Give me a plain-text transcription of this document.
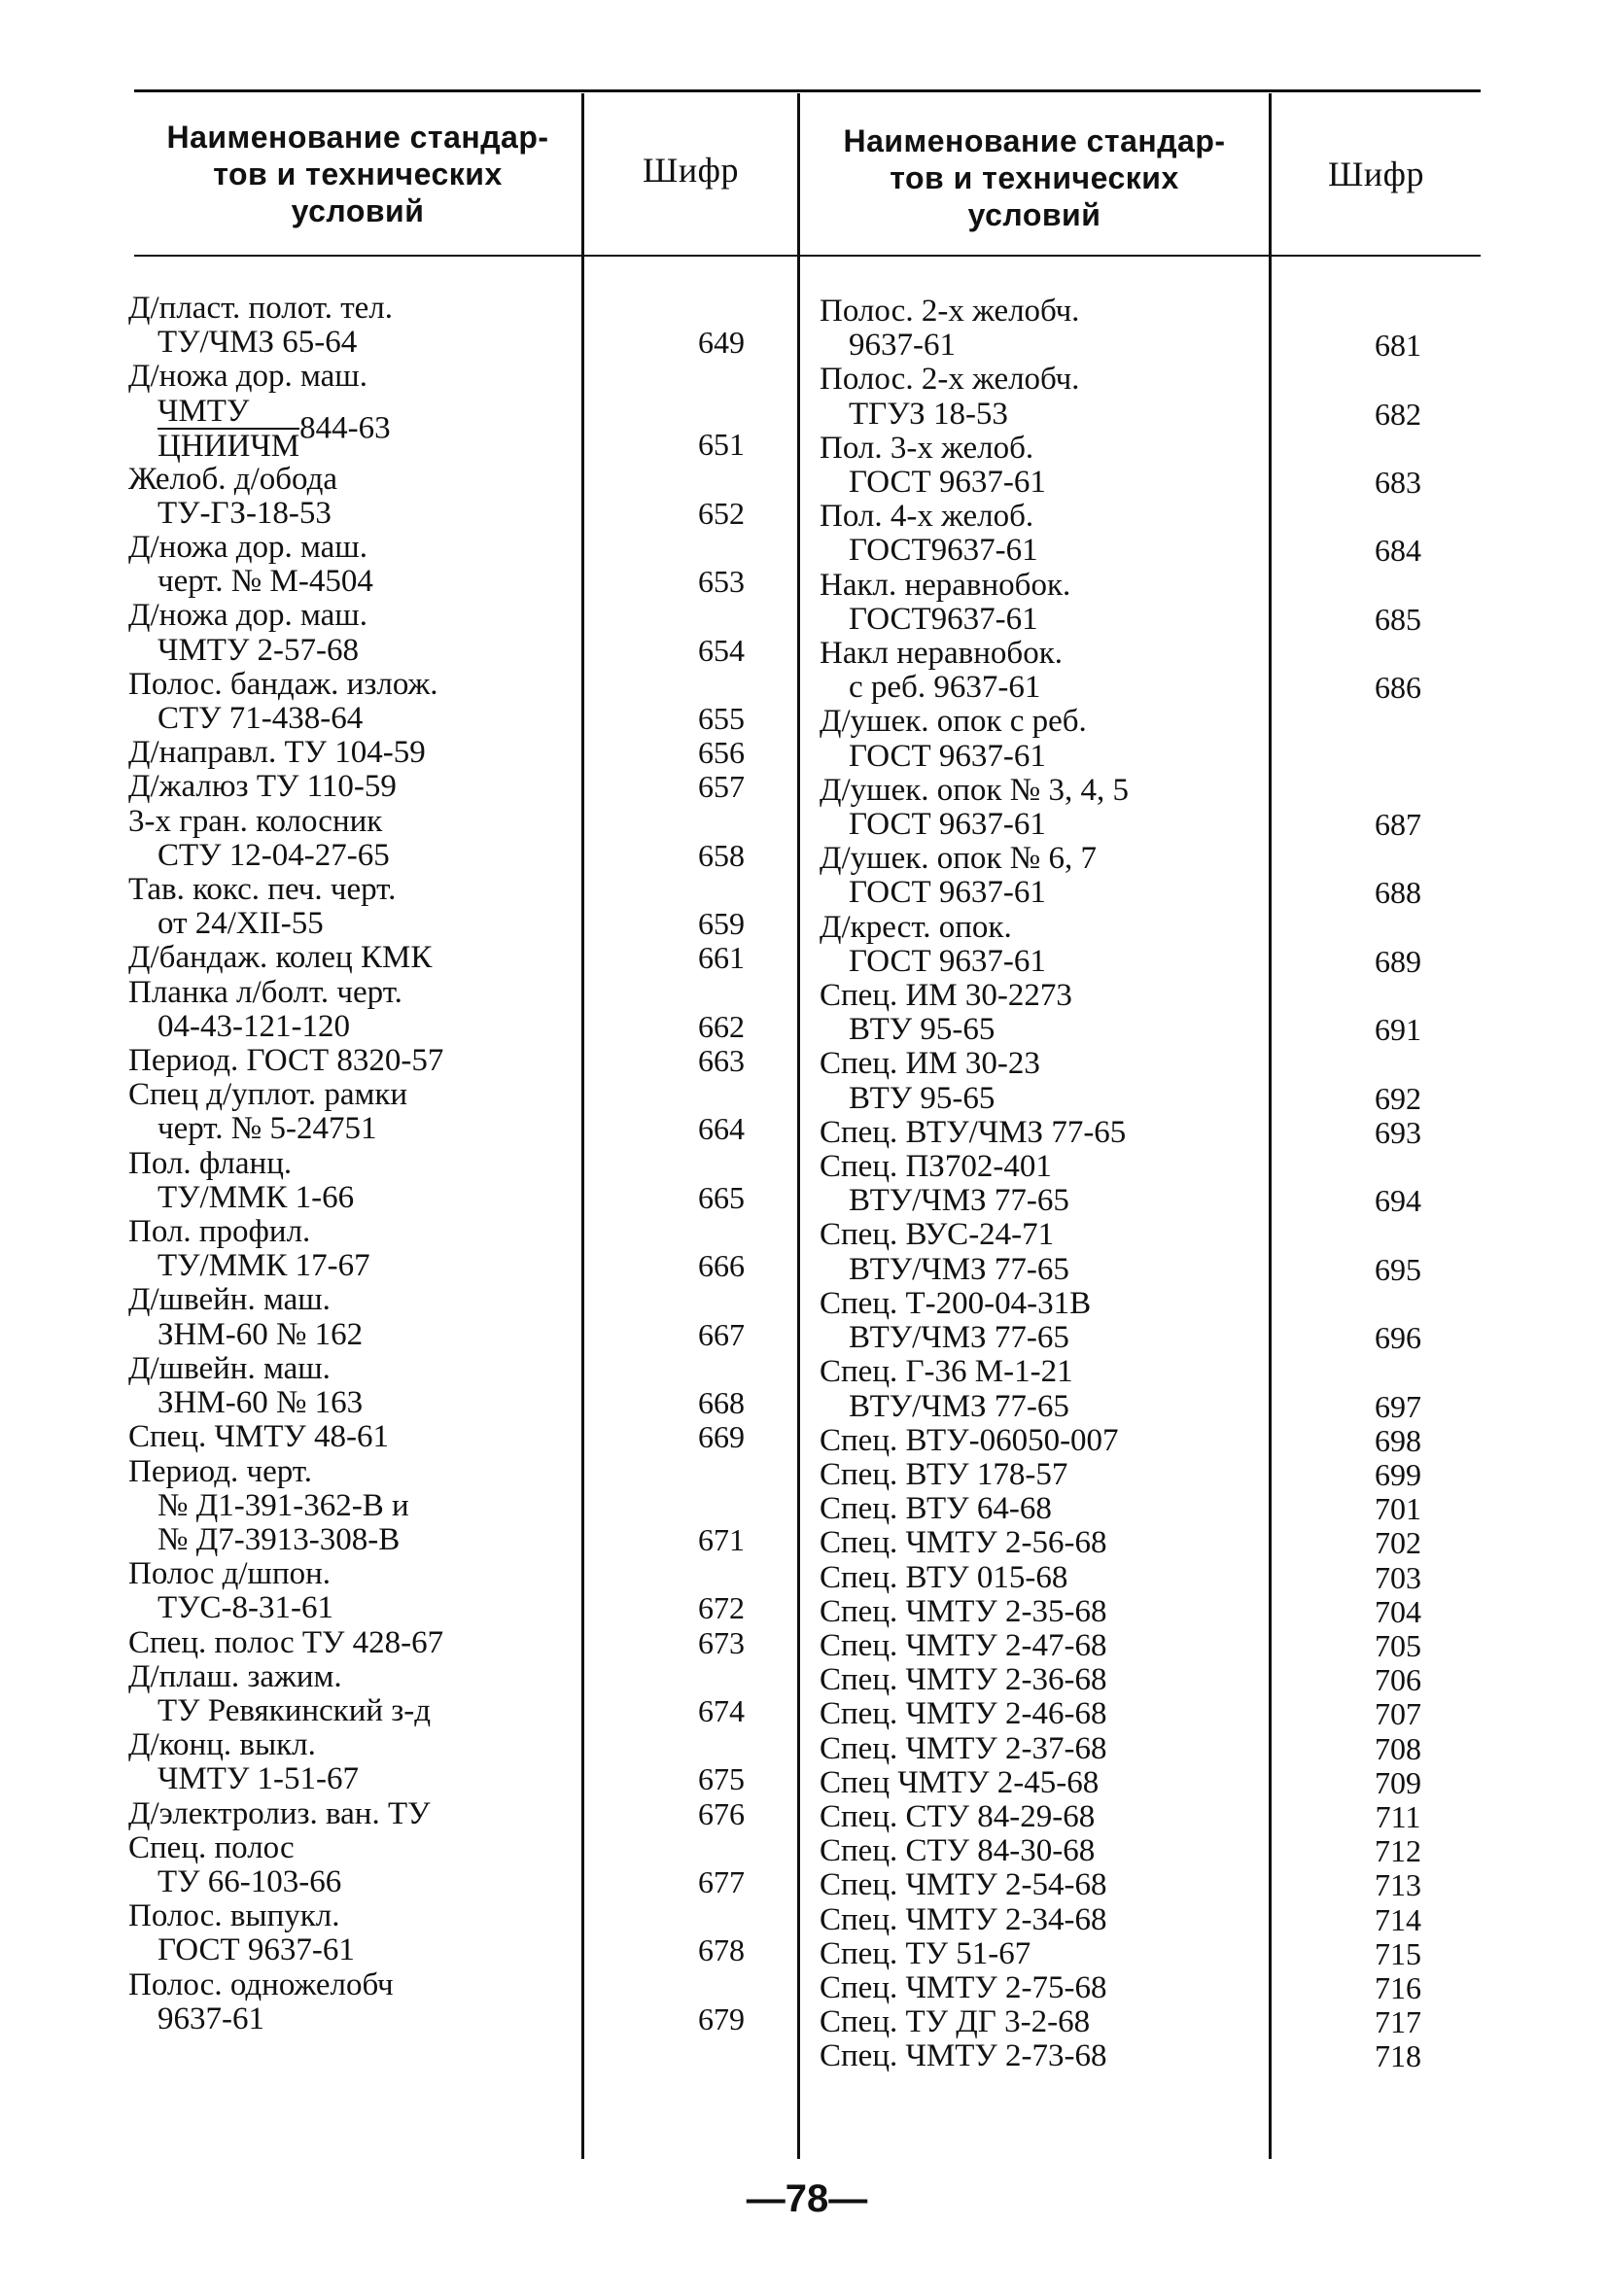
Наименование стандар-
тов и технических
условий
Шифр
Наименование стандар-
тов и технических
условий
Шифр
Д/пласт. полот. тел.
ТУ/ЧМЗ 65-64	649
Д/ножа дор. маш.
$\frac{\text{ЧМТУ}}{\text{ЦНИИЧМ}} 844-63$	651
Желоб. д/обода
ТУ-ГЗ-18-53	652
Д/ножа дор. маш.
черт. № М-4504	653
Д/ножа дор. маш.
ЧМТУ 2-57-68	654
Полос. бандаж. излож.
СТУ 71-438-64	655
Д/направл. ТУ 104-59	656
Д/жалюз ТУ 110-59	657
3-х гран. колосник
СТУ 12-04-27-65	658
Тав. кокс. печ. черт.
от 24/XII-55	659
Д/бандаж. колец КМК	661
Планка л/болт. черт.
04-43-121-120	662
Период. ГОСТ 8320-57	663
Спец д/уплот. рамки
черт. № 5-24751	664
Пол. фланц.
ТУ/ММК 1-66	665
Пол. профил.
ТУ/ММК 17-67	666
Д/швейн. маш.
ЗНМ-60 № 162	667
Д/швейн. маш.
ЗНМ-60 № 163	668
Спец. ЧМТУ 48-61	669
Период. черт.
№ Д1-391-362-В и
№ Д7-3913-308-В	671
Полос д/шпон.
ТУС-8-31-61	672
Спец. полос ТУ 428-67	673
Д/плаш. зажим.
ТУ Ревякинский з-д	674
Д/конц. выкл.
ЧМТУ 1-51-67	675
Д/электролиз. ван. ТУ	676
Спец. полос
ТУ 66-103-66	677
Полос. выпукл.
ГОСТ 9637-61	678
Полос. одножелобч
9637-61	679
Полос. 2-х желобч.
9637-61	681
Полос. 2-х желобч.
ТГУЗ 18-53	682
Пол. 3-х желоб.
ГОСТ 9637-61	683
Пол. 4-х желоб.
ГОСТ9637-61	684
Накл. неравнобок.
ГОСТ9637-61	685
Накл неравнобок.
с реб. 9637-61	686
Д/ушек. опок с реб.
ГОСТ 9637-61
Д/ушек. опок № 3, 4, 5
ГОСТ 9637-61	687
Д/ушек. опок № 6, 7
ГОСТ 9637-61	688
Д/крест. опок.
ГОСТ 9637-61	689
Спец. ИМ 30-2273
ВТУ 95-65	691
Спец. ИМ 30-23
ВТУ 95-65	692
Спец. ВТУ/ЧМЗ 77-65	693
Спец. ПЗ702-401
ВТУ/ЧМЗ 77-65	694
Спец. ВУС-24-71
ВТУ/ЧМЗ 77-65	695
Спец. Т-200-04-31В
ВТУ/ЧМЗ 77-65	696
Спец. Г-36 М-1-21
ВТУ/ЧМЗ 77-65	697
Спец. ВТУ-06050-007	698
Спец. ВТУ 178-57	699
Спец. ВТУ 64-68	701
Спец. ЧМТУ 2-56-68	702
Спец. ВТУ 015-68	703
Спец. ЧМТУ 2-35-68	704
Спец. ЧМТУ 2-47-68	705
Спец. ЧМТУ 2-36-68	706
Спец. ЧМТУ 2-46-68	707
Спец. ЧМТУ 2-37-68	708
Спец ЧМТУ 2-45-68	709
Спец. СТУ 84-29-68	711
Спец. СТУ 84-30-68	712
Спец. ЧМТУ 2-54-68	713
Спец. ЧМТУ 2-34-68	714
Спец. ТУ 51-67	715
Спец. ЧМТУ 2-75-68	716
Спец. ТУ ДГ 3-2-68	717
Спец. ЧМТУ 2-73-68	718
—78—
